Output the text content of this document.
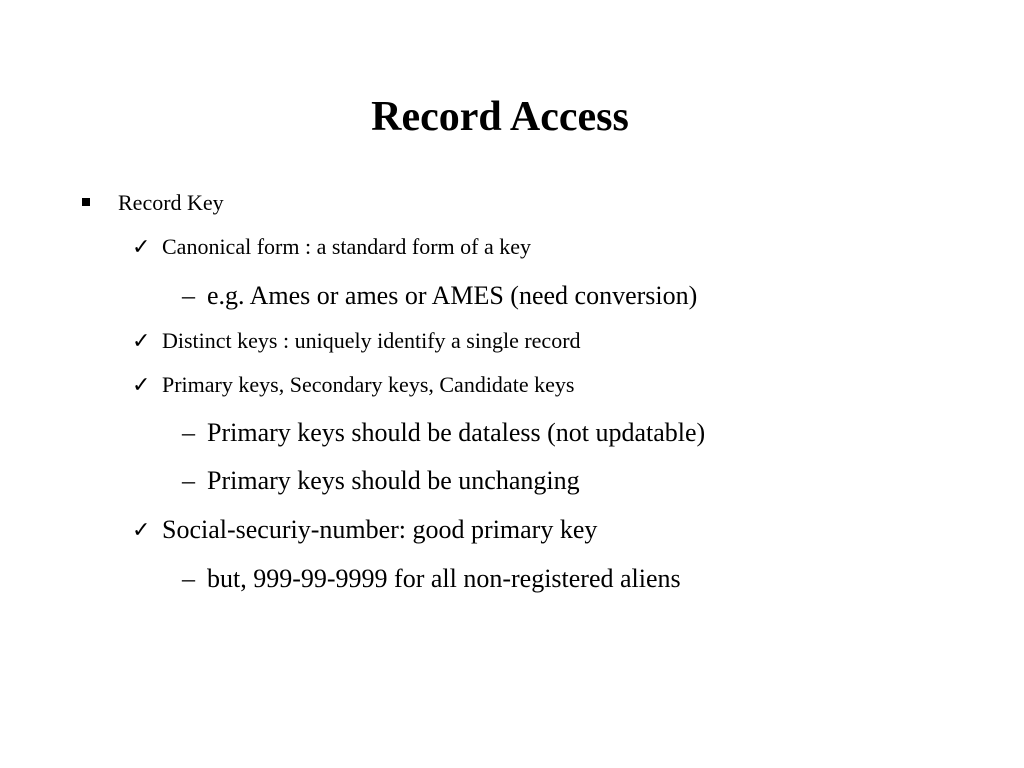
Record Access
Record Key
✓ Canonical form : a standard form of a key
– e.g. Ames or ames or AMES (need conversion)
✓ Distinct keys : uniquely identify a single record
✓ Primary keys, Secondary keys, Candidate keys
– Primary keys should be dataless (not updatable)
– Primary keys should be unchanging
✓ Social-securiy-number: good primary key
– but, 999-99-9999 for all non-registered aliens
